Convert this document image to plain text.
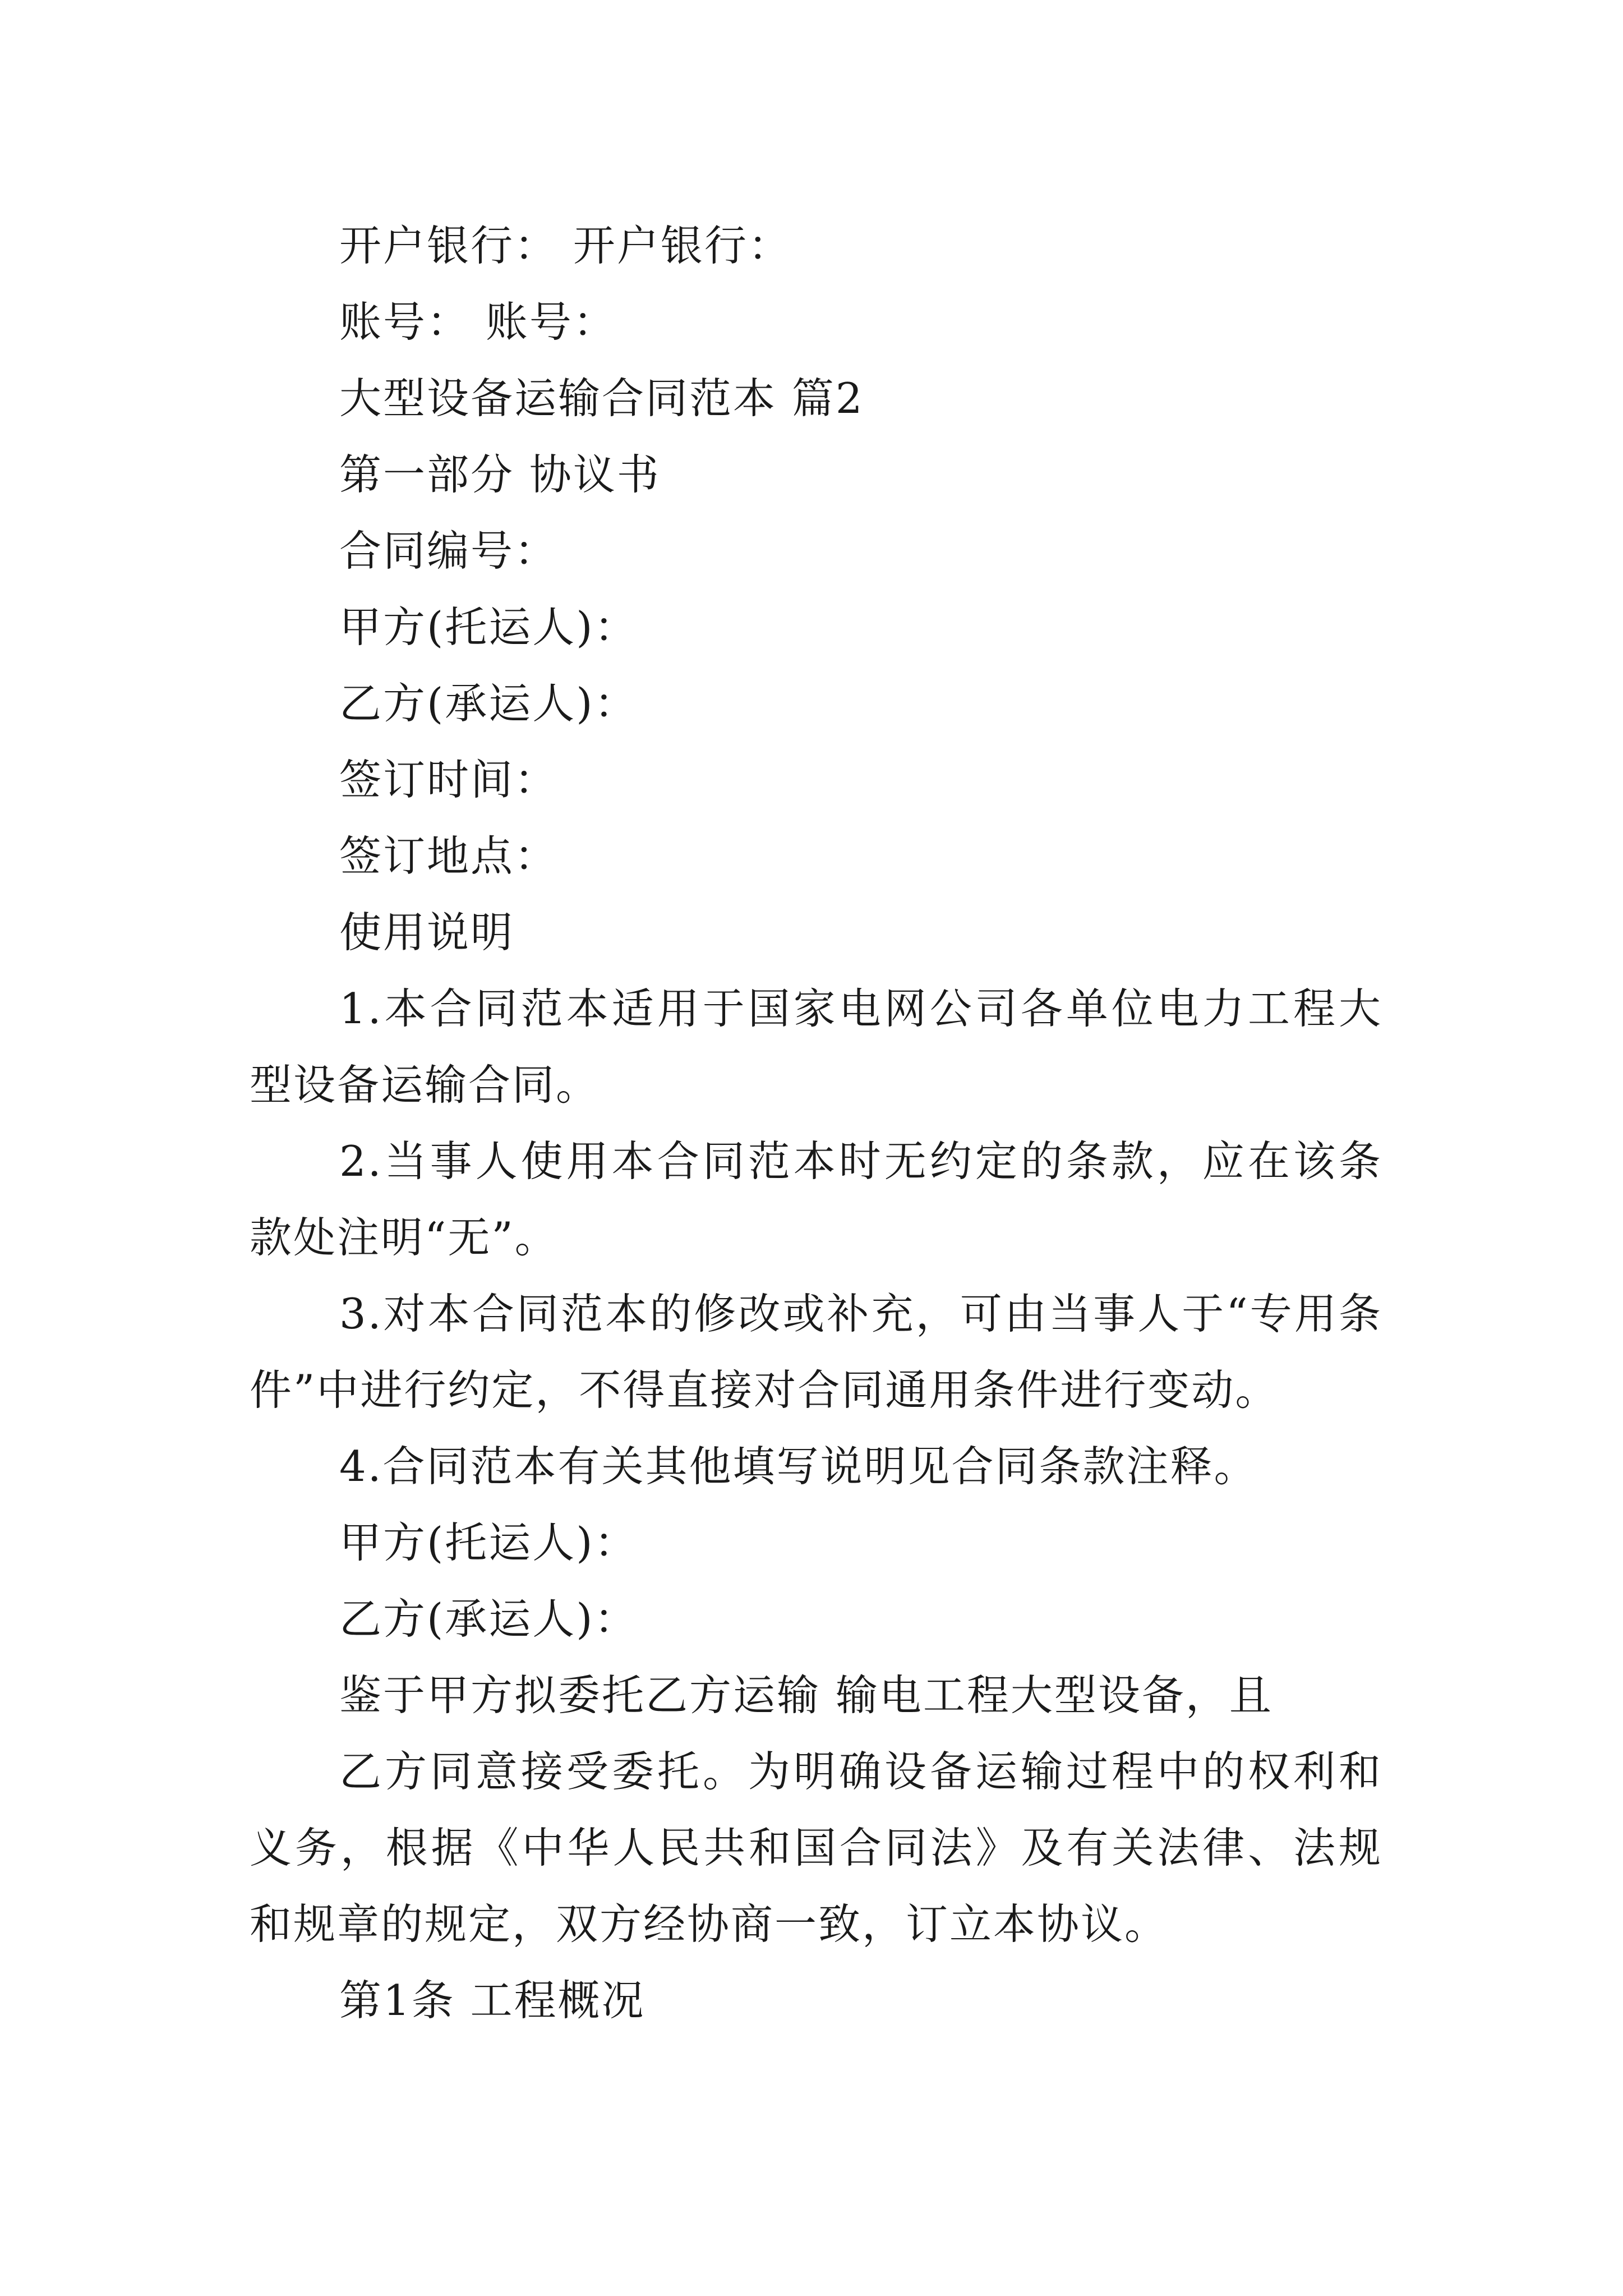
开户银行： 开户银行：

账号： 账号：

大型设备运输合同范本 篇2

第一部分 协议书

合同编号：

甲方(托运人)：

乙方(承运人)：

签订时间：

签订地点：

使用说明

1.本合同范本适用于国家电网公司各单位电力工程大型设备运输合同。

2.当事人使用本合同范本时无约定的条款，应在该条款处注明“无”。

3.对本合同范本的修改或补充，可由当事人于“专用条件”中进行约定，不得直接对合同通用条件进行变动。

4.合同范本有关其他填写说明见合同条款注释。

甲方(托运人)：

乙方(承运人)：

鉴于甲方拟委托乙方运输 输电工程大型设备，且

乙方同意接受委托。为明确设备运输过程中的权利和义务，根据《中华人民共和国合同法》及有关法律、法规和规章的规定，双方经协商一致，订立本协议。

第1条 工程概况
